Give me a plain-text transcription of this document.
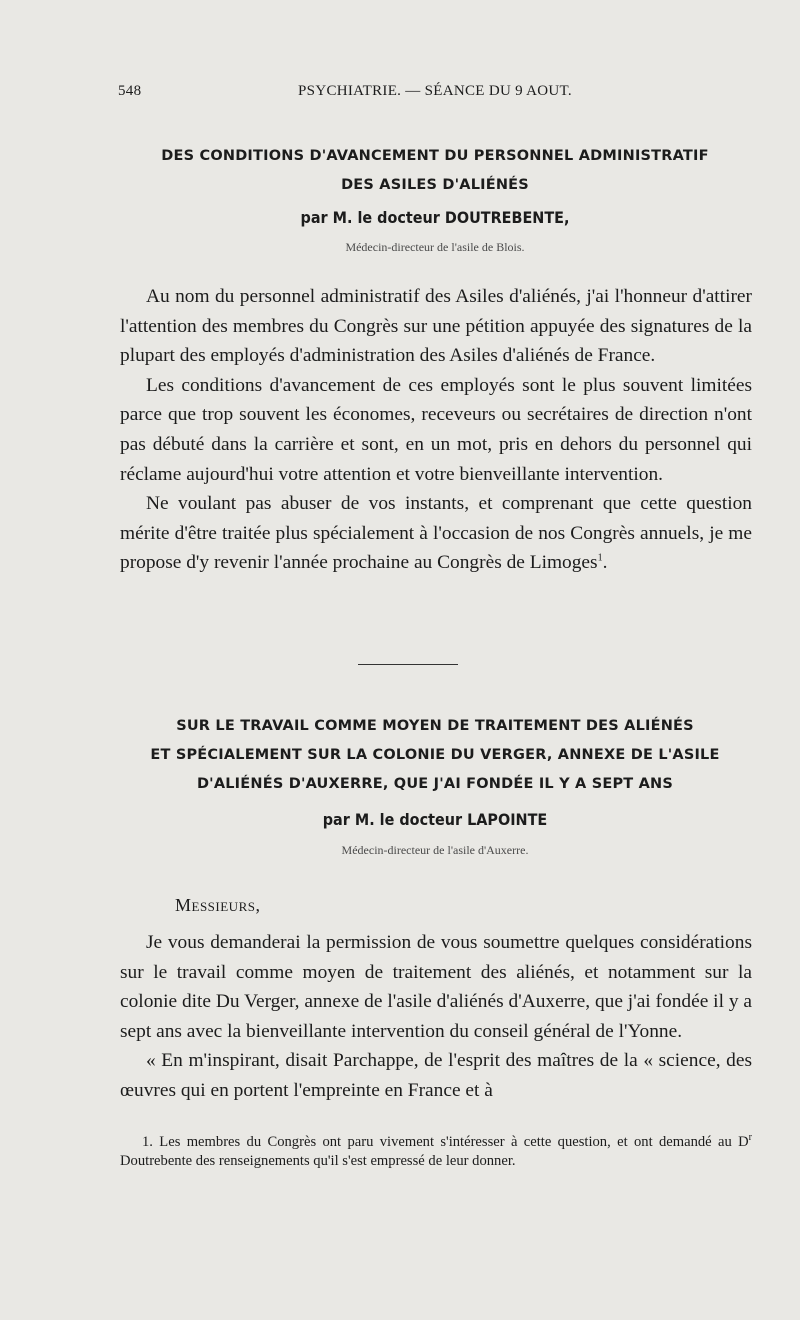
548	PSYCHIATRIE. — SÉANCE DU 9 AOUT.
DES CONDITIONS D'AVANCEMENT DU PERSONNEL ADMINISTRATIF
DES ASILES D'ALIÉNÉS
par M. le docteur DOUTREBENTE,
Médecin-directeur de l'asile de Blois.

Au nom du personnel administratif des Asiles d'aliénés, j'ai l'honneur d'attirer l'attention des membres du Congrès sur une pétition appuyée des signatures de la plupart des employés d'administration des Asiles d'aliénés de France.

Les conditions d'avancement de ces employés sont le plus souvent limitées parce que trop souvent les économes, receveurs ou secrétaires de direction n'ont pas débuté dans la carrière et sont, en un mot, pris en dehors du personnel qui réclame aujourd'hui votre attention et votre bienveillante intervention.

Ne voulant pas abuser de vos instants, et comprenant que cette question mérite d'être traitée plus spécialement à l'occasion de nos Congrès annuels, je me propose d'y revenir l'année prochaine au Congrès de Limoges$^1$.

SUR LE TRAVAIL COMME MOYEN DE TRAITEMENT DES ALIÉNÉS
ET SPÉCIALEMENT SUR LA COLONIE DU VERGER, ANNEXE DE L'ASILE
D'ALIÉNÉS D'AUXERRE, QUE J'AI FONDÉE IL Y A SEPT ANS
par M. le docteur LAPOINTE
Médecin-directeur de l'asile d'Auxerre.
Messieurs,

Je vous demanderai la permission de vous soumettre quelques considérations sur le travail comme moyen de traitement des aliénés, et notamment sur la colonie dite Du Verger, annexe de l'asile d'aliénés d'Auxerre, que j'ai fondée il y a sept ans avec la bienveillante intervention du conseil général de l'Yonne.

« En m'inspirant, disait Parchappe, de l'esprit des maîtres de la « science, des œuvres qui en portent l'empreinte en France et à

1. Les membres du Congrès ont paru vivement s'intéresser à cette question, et ont demandé au $D^r$ Doutrebente des renseignements qu'il s'est empressé de leur donner.
